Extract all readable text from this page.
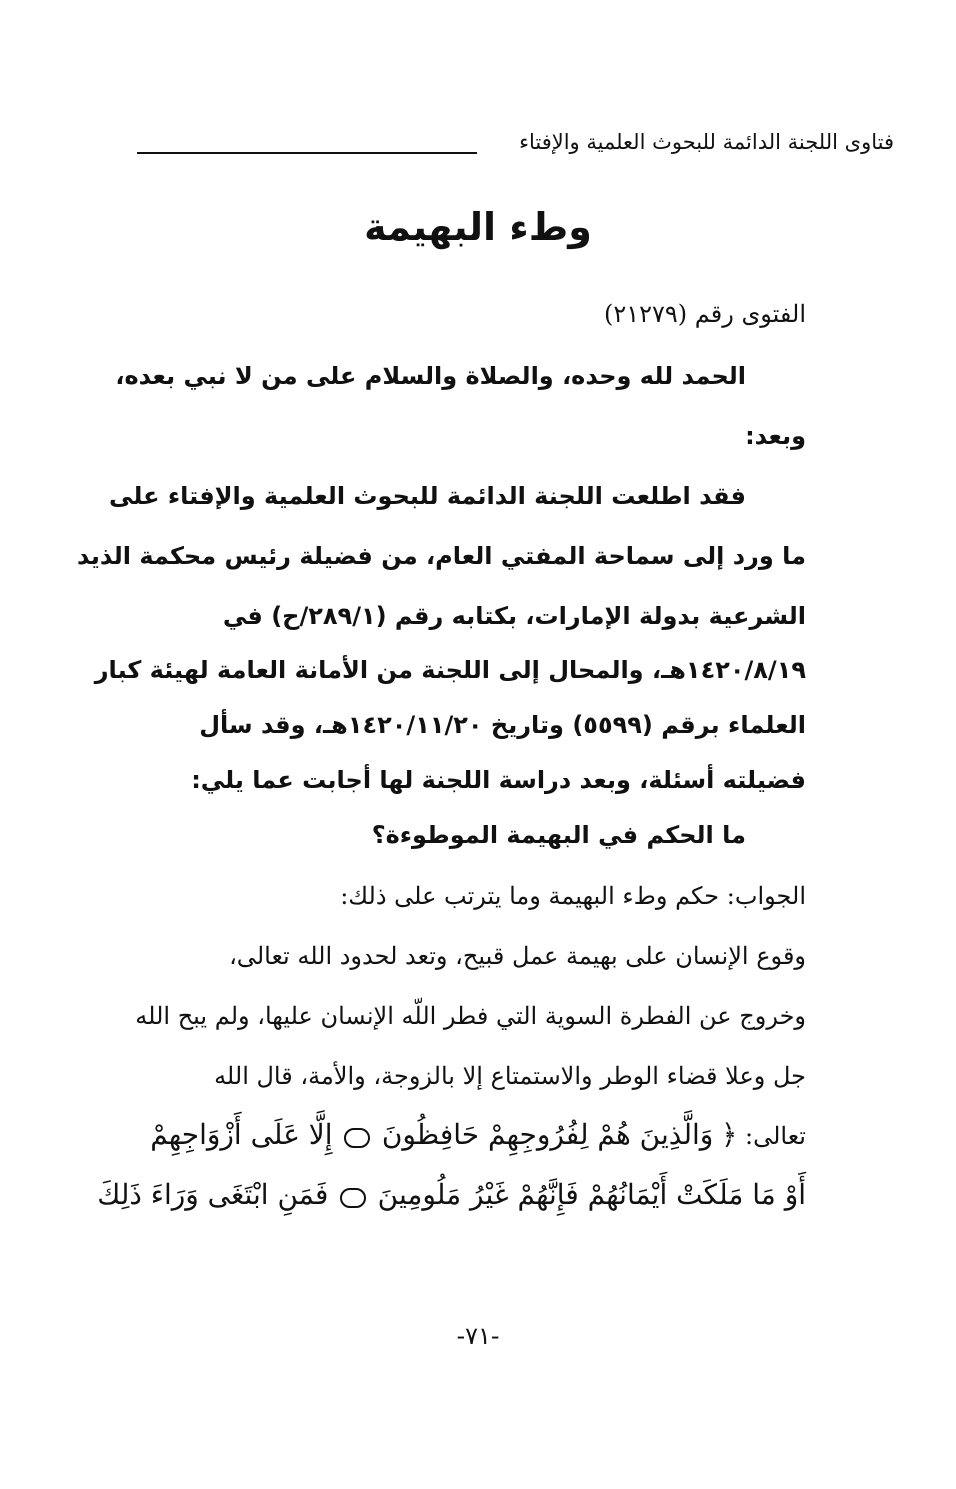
فتاوى اللجنة الدائمة للبحوث العلمية والإفتاء
وطء البهيمة
الفتوى رقم (٢١٢٧٩)
الحمد لله وحده، والصلاة والسلام على من لا نبي بعده،
وبعد:
فقد اطلعت اللجنة الدائمة للبحوث العلمية والإفتاء على
ما ورد إلى سماحة المفتي العام، من فضيلة رئيس محكمة الذيد
الشرعية بدولة الإمارات، بكتابه رقم (٢٨٩/١/ح) في
١٤٢٠/٨/١٩هـ، والمحال إلى اللجنة من الأمانة العامة لهيئة كبار
العلماء برقم (٥٥٩٩) وتاريخ ١٤٢٠/١١/٢٠هـ، وقد سأل
فضيلته أسئلة، وبعد دراسة اللجنة لها أجابت عما يلي:
ما الحكم في البهيمة الموطوءة؟
الجواب: حكم وطء البهيمة وما يترتب على ذلك:
وقوع الإنسان على بهيمة عمل قبيح، وتعد لحدود الله تعالى،
وخروج عن الفطرة السوية التي فطر اللّه الإنسان عليها، ولم يبح الله
جل وعلا قضاء الوطر والاستمتاع إلا بالزوجة، والأمة، قال الله
تعالى: ﴿ وَالَّذِينَ هُمْ لِفُرُوجِهِمْ حَافِظُونَ  إِلَّا عَلَى أَزْوَاجِهِمْ
أَوْ مَا مَلَكَتْ أَيْمَانُهُمْ فَإِنَّهُمْ غَيْرُ مَلُومِينَ  فَمَنِ ابْتَغَى وَرَاءَ ذَلِكَ
-٧١-
